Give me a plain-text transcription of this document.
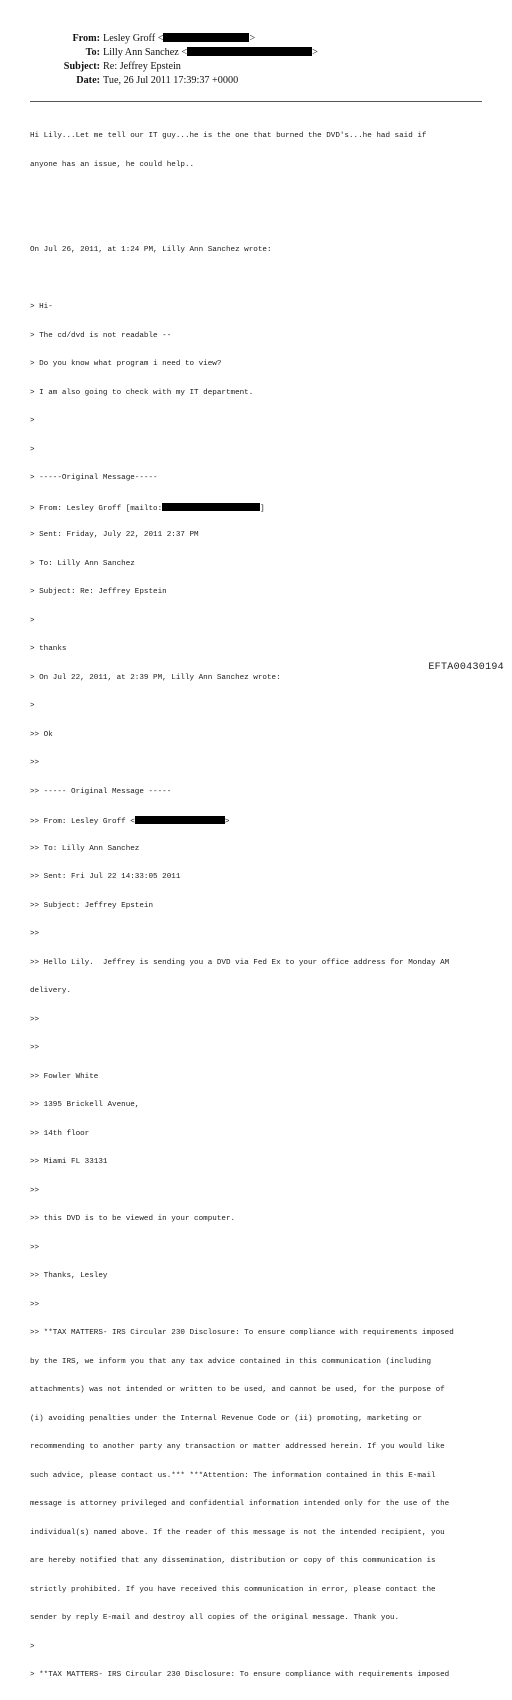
From: Lesley Groff <	>
To: Lilly Ann Sanchez <	>
Subject: Re: Jeffrey Epstein
Date: Tue, 26 Jul 2011 17:39:37 +0000

Hi Lily...Let me tell our IT guy...he is the one that burned the DVD's...he had said if

anyone has an issue, he could help..

On Jul 26, 2011, at 1:24 PM, Lilly Ann Sanchez wrote:

> Hi-

> The cd/dvd is not readable --

> Do you know what program i need to view?

> I am also going to check with my IT department.

>

>

> -----Original Message-----

> From: Lesley Groff [mailto:	]

> Sent: Friday, July 22, 2011 2:37 PM

> To: Lilly Ann Sanchez

> Subject: Re: Jeffrey Epstein

>

> thanks

> On Jul 22, 2011, at 2:39 PM, Lilly Ann Sanchez wrote:

>

>> Ok

>>

>> ----- Original Message -----

>> From: Lesley Groff <	>

>> To: Lilly Ann Sanchez

>> Sent: Fri Jul 22 14:33:05 2011

>> Subject: Jeffrey Epstein

>>

>> Hello Lily.  Jeffrey is sending you a DVD via Fed Ex to your office address for Monday AM

delivery.

>>

>>

>> Fowler White

>> 1395 Brickell Avenue,

>> 14th floor

>> Miami FL 33131

>>

>> this DVD is to be viewed in your computer.

>>

>> Thanks, Lesley

>>

>> **TAX MATTERS- IRS Circular 230 Disclosure: To ensure compliance with requirements imposed

by the IRS, we inform you that any tax advice contained in this communication (including

attachments) was not intended or written to be used, and cannot be used, for the purpose of

(i) avoiding penalties under the Internal Revenue Code or (ii) promoting, marketing or

recommending to another party any transaction or matter addressed herein. If you would like

such advice, please contact us.*** ***Attention: The information contained in this E-mail

message is attorney privileged and confidential information intended only for the use of the

individual(s) named above. If the reader of this message is not the intended recipient, you

are hereby notified that any dissemination, distribution or copy of this communication is

strictly prohibited. If you have received this communication in error, please contact the

sender by reply E-mail and destroy all copies of the original message. Thank you.

>

> **TAX MATTERS- IRS Circular 230 Disclosure: To ensure compliance with requirements imposed

EFTA00430194
